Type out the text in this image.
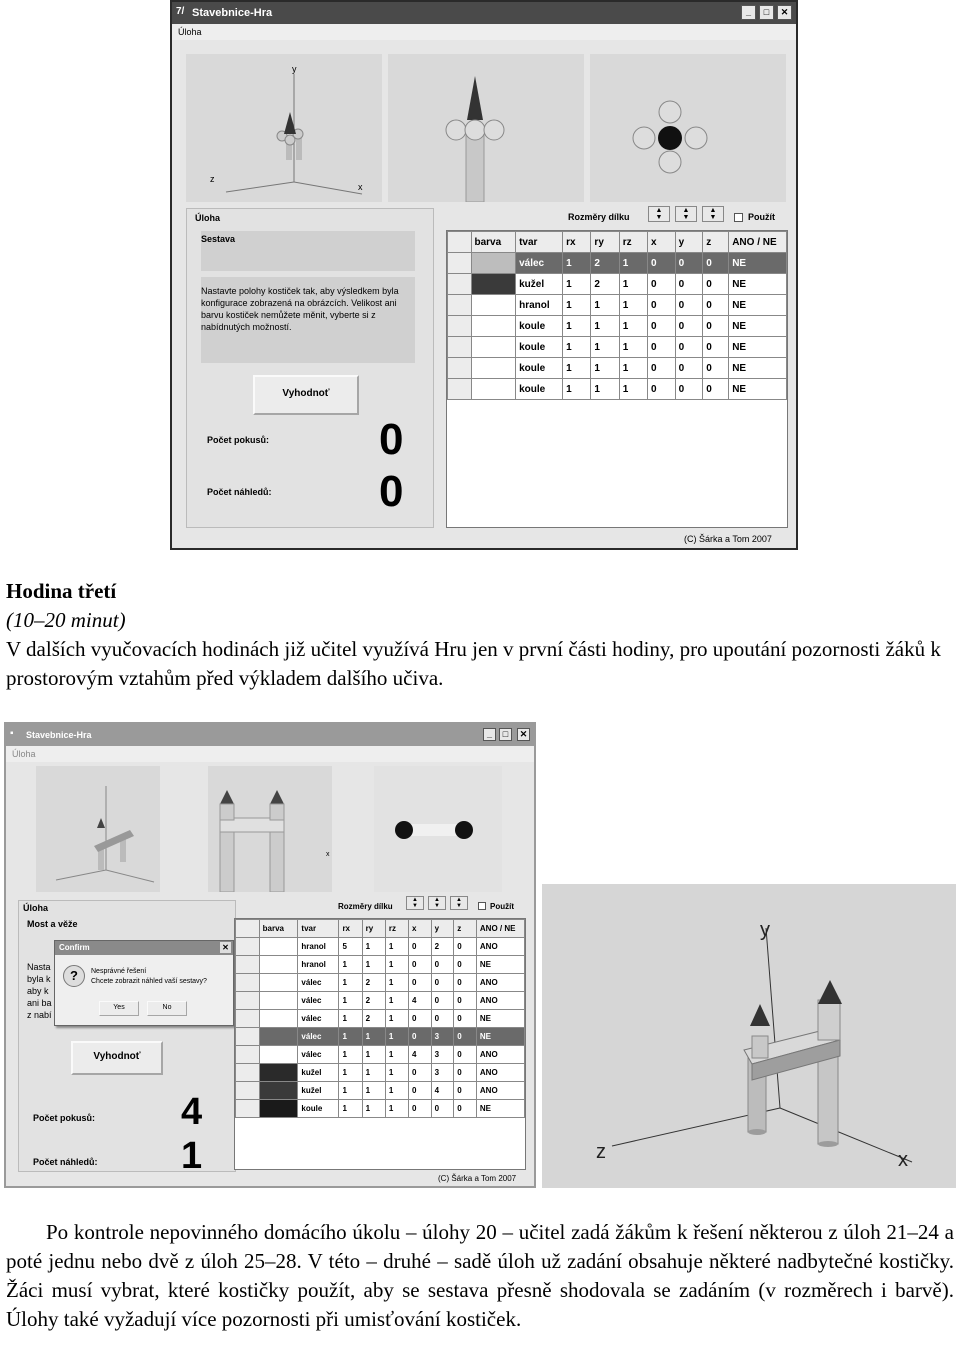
7/ Stavebnice-Hra	_	□	✕
Úloha
y
z
x
Úloha
Sestava
Nastavte polohy kostiček tak, aby výsledkem byla konfigurace zobrazená na obrázcích. Velikost ani barvu kostiček nemůžete měnit, vyberte si z nabídnutých možností.
Vyhodnoť
Počet pokusů: 0
Počet náhledů: 0
Rozměry dílku
▲
▼
▲
▼
▲
▼	Použít
	barva	tvar	rx	ry	rz	x	y	z	ANO / NE
		válec	1	2	1	0	0	0	NE
		kužel	1	2	1	0	0	0	NE
		hranol	1	1	1	0	0	0	NE
		koule	1	1	1	0	0	0	NE
		koule	1	1	1	0	0	0	NE
		koule	1	1	1	0	0	0	NE
		koule	1	1	1	0	0	0	NE
(C) Šárka a Tom 2007
Hodina třetí
(10–20 minut)
V dalších vyučovacích hodinách již učitel využívá Hru jen v první části hodiny, pro upoutání pozornosti žáků k prostorovým vztahům před výkladem dalšího učiva.
▪	Stavebnice-Hra	_	□	✕
Úloha
x
Úloha
Most a věže
Nasta
byla k
aby k
ani ba
z nabí
Vyhodnoť
Počet pokusů: 4
Počet náhledů: 1
Confirm	✕
?	Nesprávné řešení
Chcete zobrazit náhled vaší sestavy?
Yes	No
Rozměry dílku
▲
▼
▲
▼
▲
▼	Použít
	barva	tvar	rx	ry	rz	x	y	z	ANO / NE
		hranol	5	1	1	0	2	0	ANO
		hranol	1	1	1	0	0	0	NE
		válec	1	2	1	0	0	0	ANO
		válec	1	2	1	4	0	0	ANO
		válec	1	2	1	0	0	0	NE
		válec	1	1	1	0	3	0	NE
		válec	1	1	1	4	3	0	ANO
		kužel	1	1	1	0	3	0	ANO
		kužel	1	1	1	0	4	0	ANO
		koule	1	1	1	0	0	0	NE
(C) Šárka a Tom 2007
y
z	x
Po kontrole nepovinného domácího úkolu – úlohy 20 – učitel zadá žákům k řešení některou z úloh 21–24 a poté jednu nebo dvě z úloh 25–28. V této – druhé – sadě úloh už zadání obsahuje některé nadbytečné kostičky. Žáci musí vybrat, které kostičky použít, aby se sestava přesně shodovala se zadáním (v rozměrech i barvě). Úlohy také vyžadují více pozornosti při umisťování kostiček.
